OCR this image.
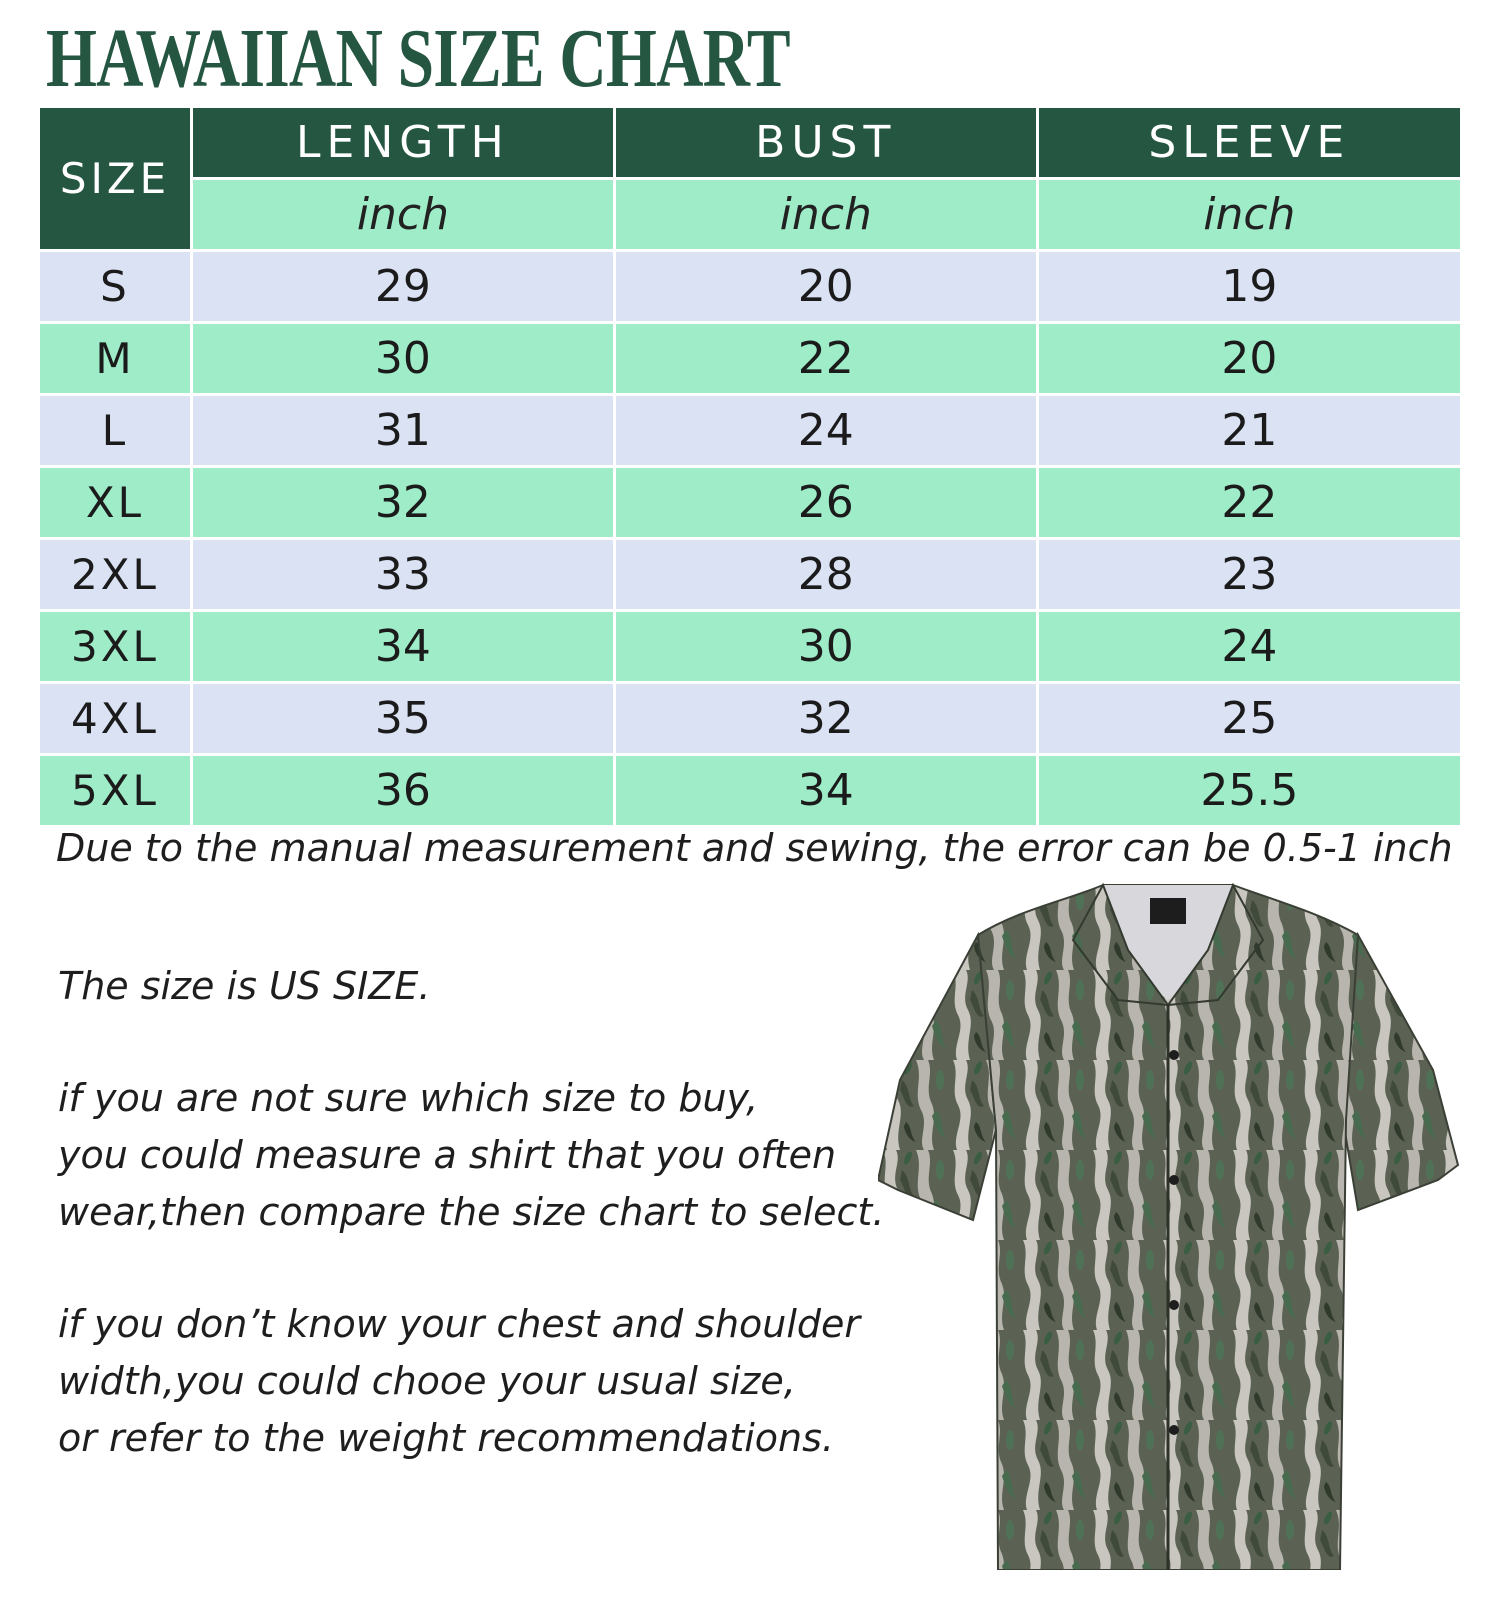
HAWAIIAN SIZE CHART
SIZE	LENGTH	BUST	SLEEVE
	inch	inch	inch
S	29	20	19
M	30	22	20
L	31	24	21
XL	32	26	22
2XL	33	28	23
3XL	34	30	24
4XL	35	32	25
5XL	36	34	25.5
Due to the manual measurement and sewing, the error can be 0.5-1 inch
The size is US SIZE.
if you are not sure which size to buy,
you could measure a shirt that you often
wear,then compare the size chart to select.
if you don’t know your chest and shoulder
width,you could chooe your usual size,
or refer to the weight recommendations.
